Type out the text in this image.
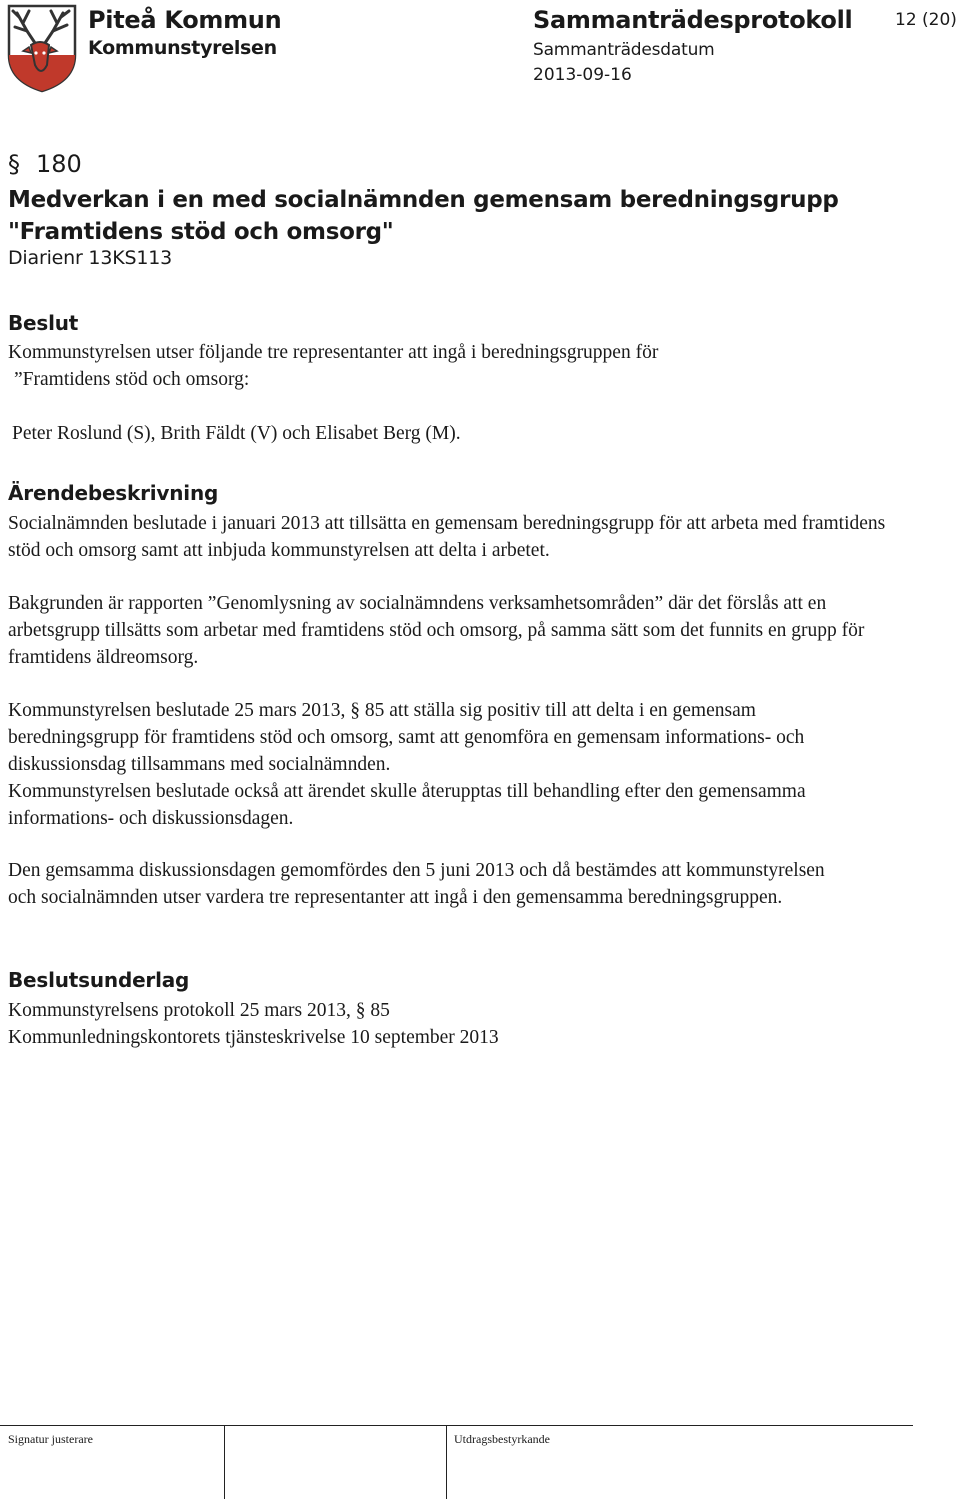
Piteå Kommun
Kommunstyrelsen
Sammanträdesprotokoll
Sammanträdesdatum
2013-09-16
12 (20)
§ 180
Medverkan i en med socialnämnden gemensam beredningsgrupp
"Framtidens stöd och omsorg"
Diarienr 13KS113
Beslut

Kommunstyrelsen utser följande tre representanter att ingå i beredningsgruppen för

”Framtidens stöd och omsorg:

Peter Roslund (S), Brith Fäldt (V) och Elisabet Berg (M).
Ärendebeskrivning
Socialnämnden beslutade i januari 2013 att tillsätta en gemensam beredningsgrupp för att arbeta med framtidens stöd och omsorg samt att inbjuda kommunstyrelsen att delta i arbetet.
Bakgrunden är rapporten ”Genomlysning av socialnämndens verksamhetsområden” där det förslås att en arbetsgrupp tillsätts som arbetar med framtidens stöd och omsorg, på samma sätt som det funnits en grupp för framtidens äldreomsorg.

Kommunstyrelsen beslutade 25 mars 2013, § 85 att ställa sig positiv till att delta i en gemensam beredningsgrupp för framtidens stöd och omsorg, samt att genomföra en gemensam informations- och diskussionsdag tillsammans med socialnämnden.

Kommunstyrelsen beslutade också att ärendet skulle återupptas till behandling efter den gemensamma informations- och diskussionsdagen.

Den gemsamma diskussionsdagen gemomfördes den 5 juni 2013 och då bestämdes att kommunstyrelsen och socialnämnden utser vardera tre representanter att ingå i den gemensamma beredningsgruppen.
Beslutsunderlag

Kommunstyrelsens protokoll 25 mars 2013, § 85

Kommunledningskontorets tjänsteskrivelse 10 september 2013

Signatur justerare	Utdragsbestyrkande
